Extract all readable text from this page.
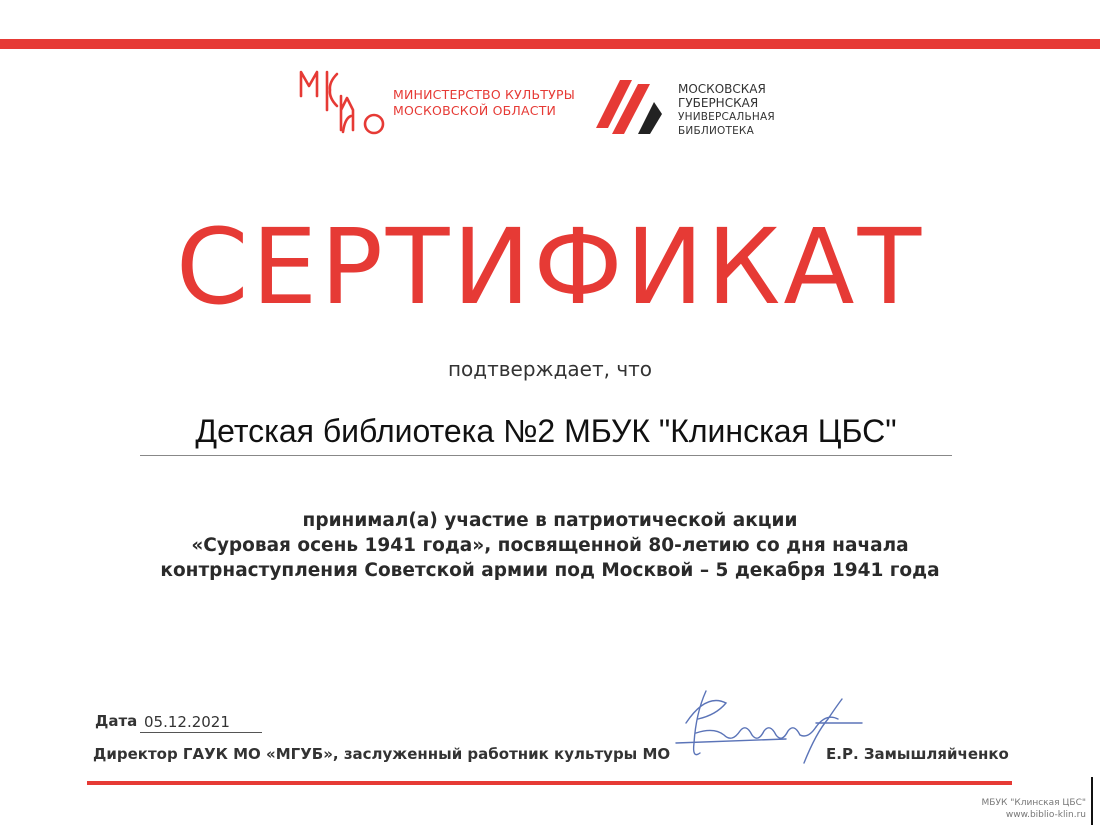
МИНИСТЕРСТВО КУЛЬТУРЫ
МОСКОВСКОЙ ОБЛАСТИ
МОСКОВСКАЯ
ГУБЕРНСКАЯ
УНИВЕРСАЛЬНАЯ
БИБЛИОТЕКА
СЕРТИФИКАТ
подтверждает, что
Детская библиотека №2 МБУК "Клинская ЦБС"
принимал(а) участие в патриотической акции
«Суровая осень 1941 года», посвященной 80-летию со дня начала
контрнаступления Советской армии под Москвой – 5 декабря 1941 года
Дата 05.12.2021
Директор ГАУК МО «МГУБ», заслуженный работник культуры МО	Е.Р. Замышляйченко
МБУК "Клинская ЦБС"
www.biblio-klin.ru
